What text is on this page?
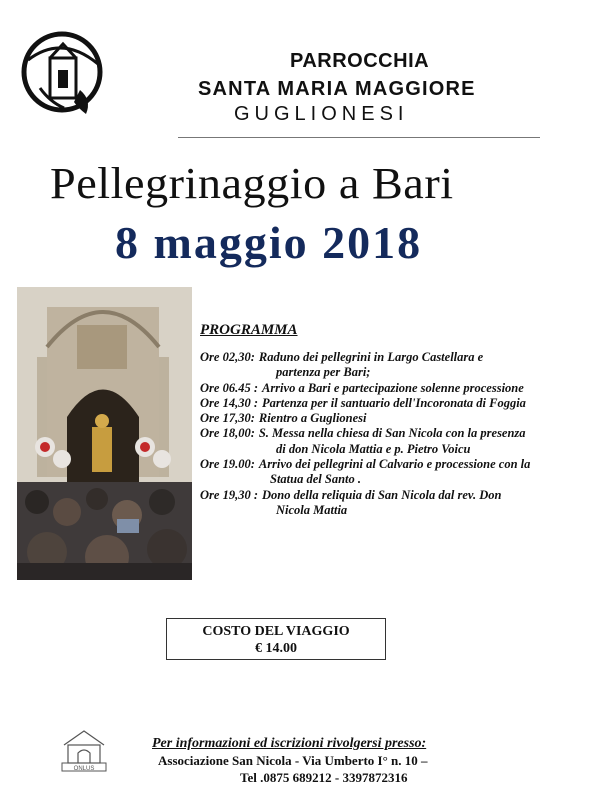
PARROCCHIA
SANTA MARIA MAGGIORE
GUGLIONESI
Pellegrinaggio a Bari
8 maggio 2018
PROGRAMMA
Ore 02,30: Raduno dei pellegrini in Largo Castellara e
partenza per Bari;
Ore 06.45 : Arrivo a Bari e partecipazione solenne processione
Ore 14,30 : Partenza per il santuario dell'Incoronata di Foggia
Ore 17,30: Rientro a Guglionesi
Ore 18,00: S. Messa nella chiesa di San Nicola con la presenza
di don Nicola Mattia e p. Pietro Voicu
Ore 19.00: Arrivo dei pellegrini al Calvario e processione con la
Statua del Santo .
Ore 19,30 : Dono della reliquia di San Nicola dal rev. Don
Nicola Mattia
COSTO DEL VIAGGIO
€ 14.00
ONLUS
Per informazioni ed iscrizioni rivolgersi presso:
Associazione San Nicola - Via Umberto I° n. 10 –
Tel .0875 689212 - 3397872316
